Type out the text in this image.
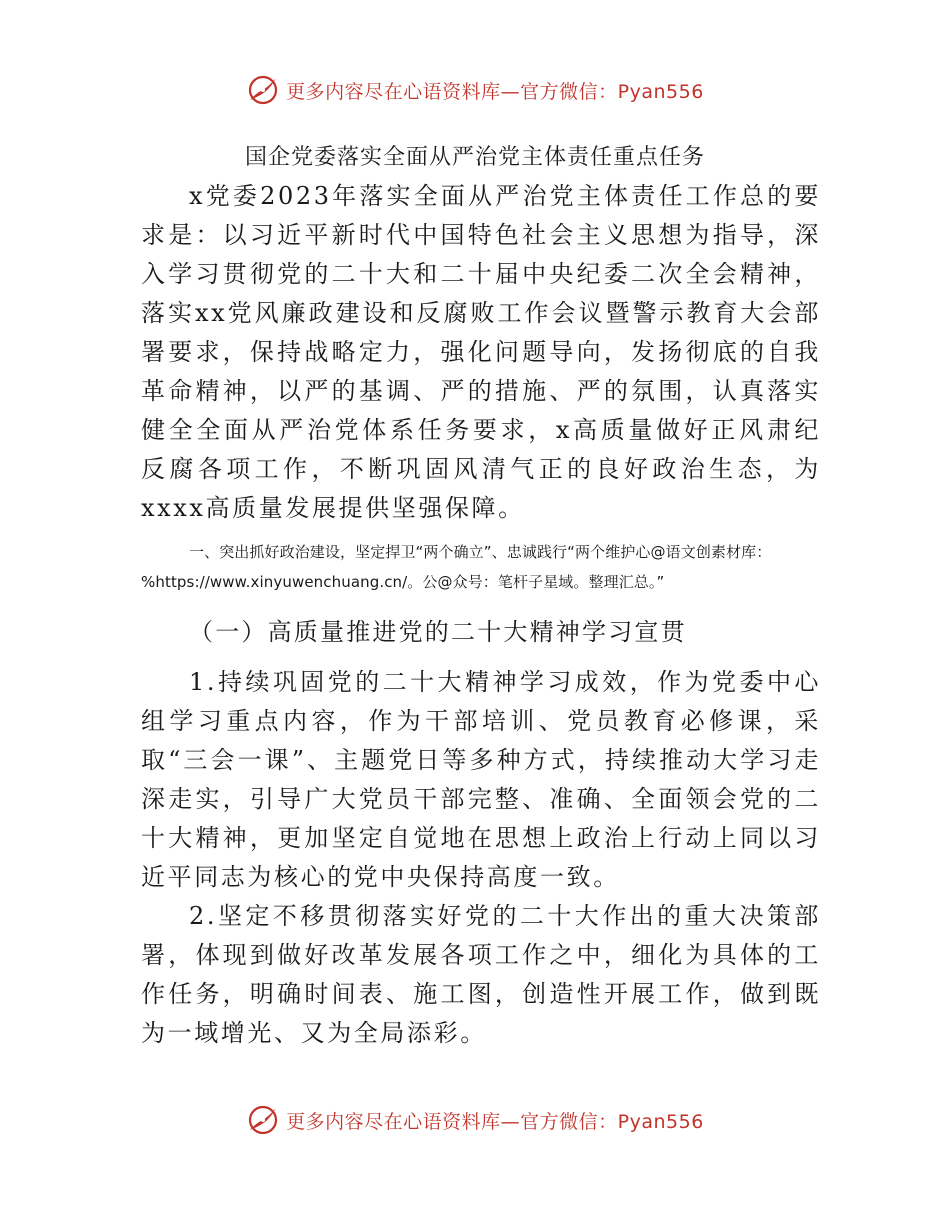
更多内容尽在心语资料库—官方微信：Pyan556
国企党委落实全面从严治党主体责任重点任务

x党委2023年落实全面从严治党主体责任工作总的要求是：以习近平新时代中国特色社会主义思想为指导，深入学习贯彻党的二十大和二十届中央纪委二次全会精神，落实xx党风廉政建设和反腐败工作会议暨警示教育大会部署要求，保持战略定力，强化问题导向，发扬彻底的自我革命精神，以严的基调、严的措施、严的氛围，认真落实健全全面从严治党体系任务要求，x高质量做好正风肃纪反腐各项工作，不断巩固风清气正的良好政治生态，为xxxx高质量发展提供坚强保障。

一、突出抓好政治建设，坚定捍卫“两个确立”、忠诚践行“两个维护心@语文创素材库：%https://www.xinyuwenchuang.cn/。公@众号：笔杆子星域。整理汇总。”

（一）高质量推进党的二十大精神学习宣贯

1.持续巩固党的二十大精神学习成效，作为党委中心组学习重点内容，作为干部培训、党员教育必修课，采取“三会一课”、主题党日等多种方式，持续推动大学习走深走实，引导广大党员干部完整、准确、全面领会党的二十大精神，更加坚定自觉地在思想上政治上行动上同以习近平同志为核心的党中央保持高度一致。

2.坚定不移贯彻落实好党的二十大作出的重大决策部署，体现到做好改革发展各项工作之中，细化为具体的工作任务，明确时间表、施工图，创造性开展工作，做到既为一域增光、又为全局添彩。

更多内容尽在心语资料库—官方微信：Pyan556
